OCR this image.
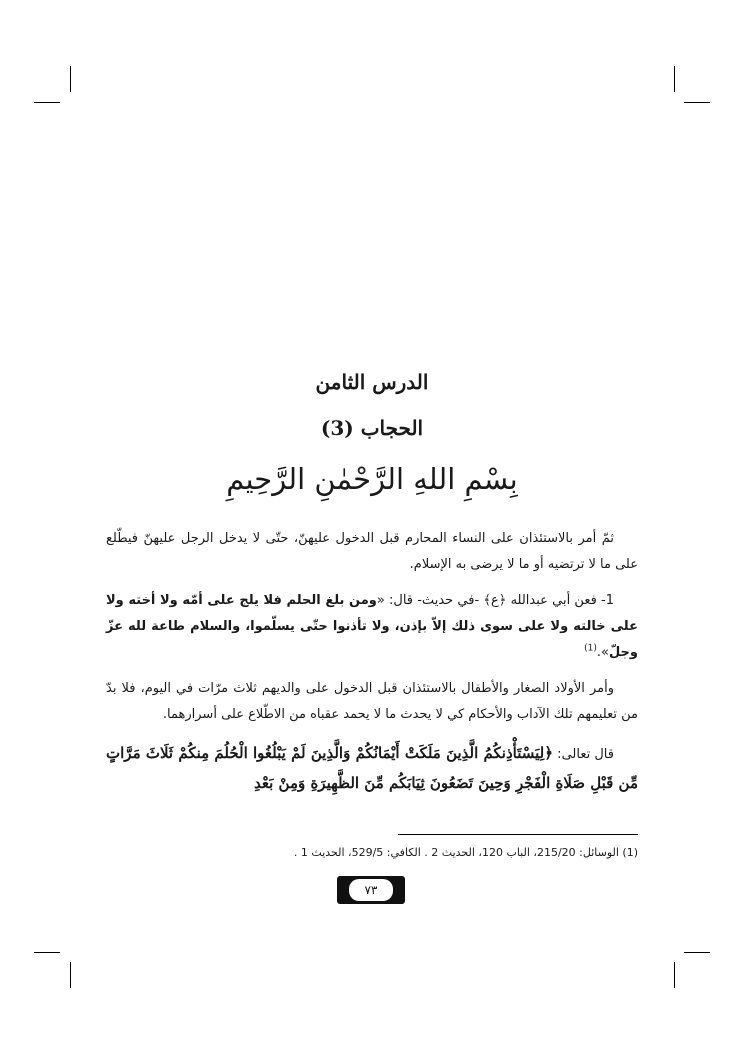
الدرس الثامن
الحجاب (3)
بِسْمِ اللهِ الرَّحْمٰنِ الرَّحِيمِ

ثمّ أمر بالاستئذان على النساء المحارم قبل الدخول عليهنّ، حتّى لا يدخل الرجل عليهنّ فيطّلع على ما لا ترتضيه أو ما لا يرضى به الإسلام.

1- فعن أبي عبدالله ﴿ع﴾ -في حديث- قال: «ومن بلغ الحلم فلا يلج على أمّه ولا أخته ولا على خالته ولا على سوى ذلك إلاّ بإذن، ولا تأذنوا حتّى يسلّموا، والسلام طاعة لله عزّ وجلّ».$^{(1)}$

وأمر الأولاد الصغار والأطفال بالاستئذان قبل الدخول على والديهم ثلاث مرّات في اليوم، فلا بدّ من تعليمهم تلك الآداب والأحكام كي لا يحدث ما لا يحمد عقباه من الاطّلاع على أسرارهما.

قال تعالى: ﴿لِيَسْتَأْذِنكُمُ الَّذِينَ مَلَكَتْ أَيْمَانُكُمْ وَالَّذِينَ لَمْ يَبْلُغُوا الْحُلُمَ مِنكُمْ ثَلَاثَ مَرَّاتٍ مِّن قَبْلِ صَلَاةِ الْفَجْرِ وَحِينَ تَضَعُونَ ثِيَابَكُم مِّنَ الظَّهِيرَةِ وَمِنْ بَعْدِ

(1) الوسائل: 215/20، الباب 120، الحديث 2 . الكافي: 529/5، الحديث 1 .
٧٣
